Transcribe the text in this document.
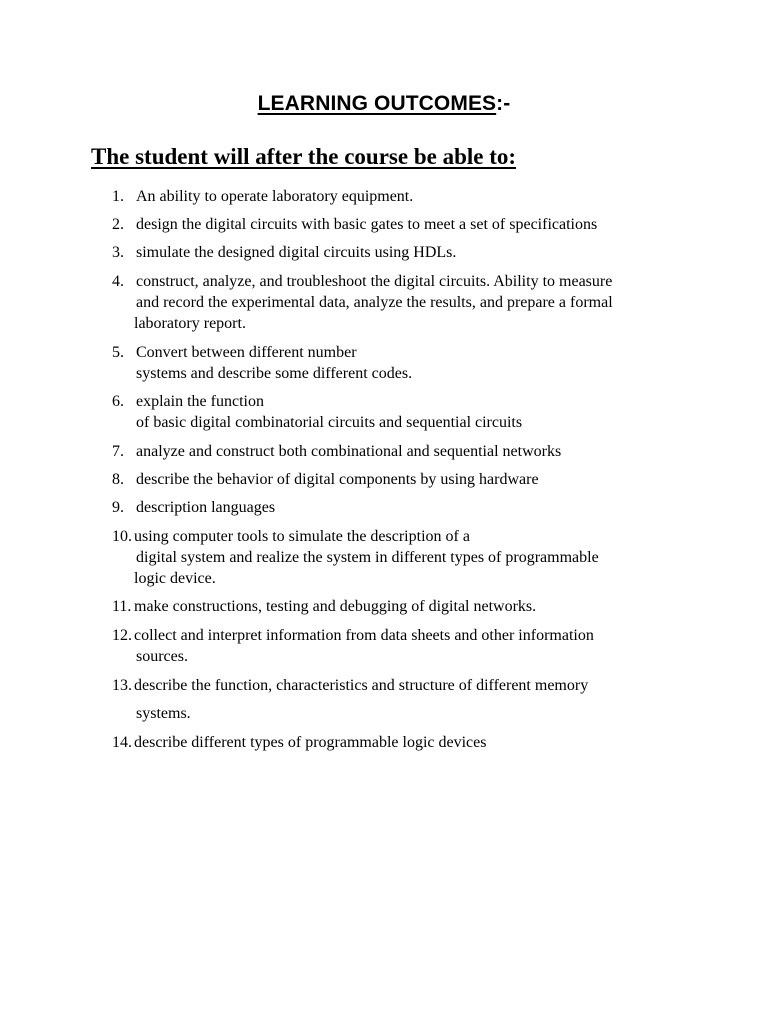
LEARNING OUTCOMES:-
The student will after the course be able to:
1. An ability to operate laboratory equipment.
2. design the digital circuits with basic gates to meet a set of specifications
3. simulate the designed digital circuits using HDLs.
4. construct, analyze, and troubleshoot the digital circuits. Ability to measure
and record the experimental data, analyze the results, and prepare a formal
laboratory report.
5. Convert between different number
systems and describe some different codes.
6. explain the function
of basic digital combinatorial circuits and sequential circuits
7. analyze and construct both combinational and sequential networks
8. describe the behavior of digital components by using hardware
9. description languages
10. using computer tools to simulate the description of a
digital system and realize the system in different types of programmable
logic device.
11. make constructions, testing and debugging of digital networks.
12. collect and interpret information from data sheets and other information
sources.
13. describe the function, characteristics and structure of different memory
systems.
14. describe different types of programmable logic devices
